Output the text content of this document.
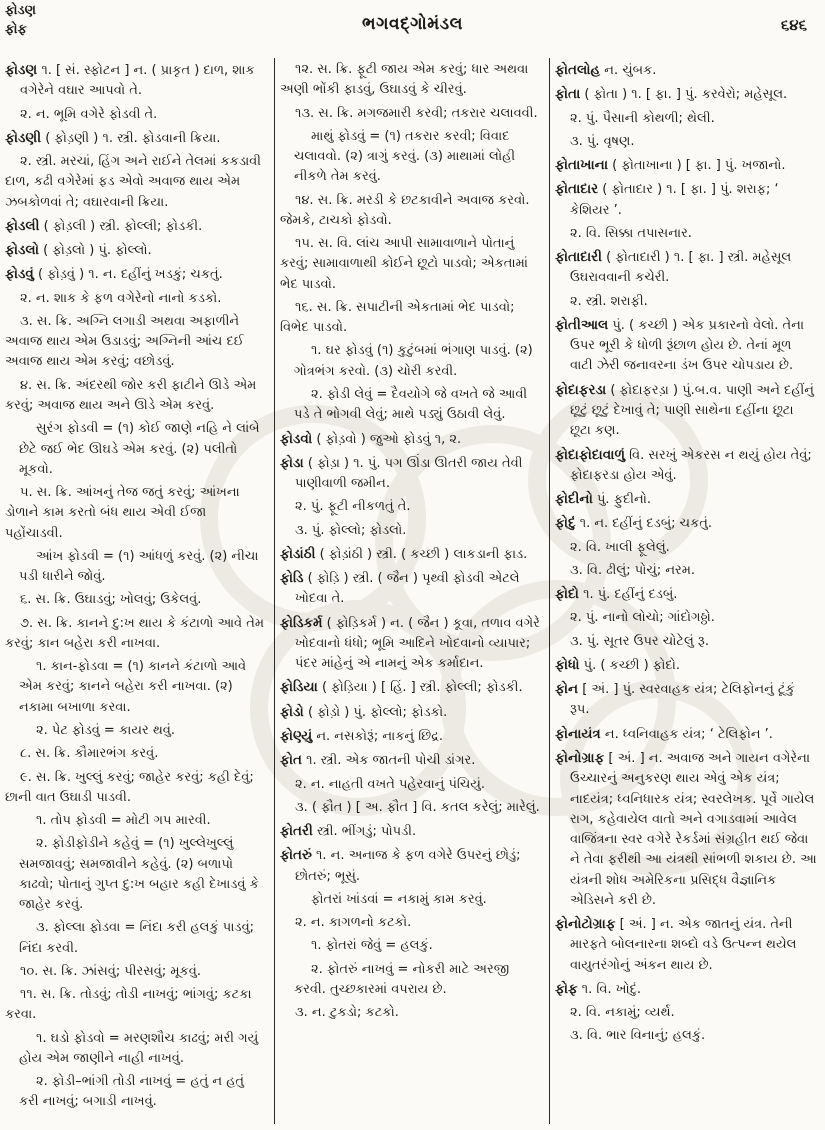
ફોડણ
ફોફ	ભગવદ્ગોમંડલ	૬૪૬

ફોડણ ૧. [ સં. સ્ફોટન ] ન. ( પ્રાકૃત ) દાળ, શાક વગેરેને વઘાર આપવો તે.

૨. ન. ભૂમિ વગેરે ફોડવી તે.

ફોડણી ( ફોડ઼ણી ) ૧. સ્ત્રી. ફોડવાની ક્રિયા.

૨. સ્ત્રી. મરચાં, હિંગ અને રાઈને તેલમાં કકડાવી દાળ, કઢી વગેરેમાં ફડ એવો અવાજ થાય એમ ઝબકોળવાં તે; વઘારવાની ક્રિયા.

ફોડલી ( ફોડ઼લી ) સ્ત્રી. ફોલ્લી; ફોડકી.

ફોડલો ( ફોડ઼લો ) પું. ફોલ્લો.

ફોડવું ( ફોડ઼વું ) ૧. ન. દહીંનું ખડકું; ચકતું.

૨. ન. શાક કે ફળ વગેરેનો નાનો કડકો.

૩. સ. ક્રિ. અગ્નિ લગાડી અથવા અફાળીને અવાજ થાય એમ ઉડાડવું; અગ્નિની આંચ દઈ અવાજ થાય એમ કરવું; વછોડવું.

૪. સ. ક્રિ. અંદરથી જોર કરી ફાટીને ઊડે એમ કરવું; અવાજ થાય અને ઊડે એમ કરવું.

સુરંગ ફોડવી = (૧) કોઈ જાણે નહિ ને લાંબે છેટે જઈ ભેદ ઊઘડે એમ કરવું. (૨) પલીતો મૂકવો.

૫. સ. ક્રિ. આંખનું તેજ જતું કરવું; આંખના ડોળાને કામ કરતો બંધ થાય એવી ઈજા પહોંચાડવી.

આંખ ફોડવી = (૧) આંધળું કરવું. (૨) નીચા પડી ધારીને જોવું.

૬. સ. ક્રિ. ઉઘાડવું; ખોલવું; ઉકેલવું.

૭. સ. ક્રિ. કાનને દુ:ખ થાય કે કંટાળો આવે તેમ કરવું; કાન બહેરા કરી નાખવા.

૧. કાન-ફોડવા = (૧) કાનને કંટાળો આવે એમ કરવું; કાનને બહેરા કરી નાખવા. (૨) નકામા બખાળા કરવા.

૨. પેટ ફોડવું = કાયર થવું.

૮. સ. ક્રિ. કૌમારભંગ કરવું.

૯. સ. ક્રિ. ખુલ્લું કરવું; જાહેર કરવું; કહી દેવું; છાની વાત ઉઘાડી પાડવી.

૧. તોપ ફોડવી = મોટી ગપ મારવી.

૨. ફોડીફોડીને કહેવું = (૧) ખુલ્લેખુલ્લું સમજાવવું; સમજાવીને કહેવું. (૨) બળાપો કાઢવો; પોતાનું ગુપ્ત દુ:ખ બહાર કહી દેખાડવું કે જાહેર કરવું.

૩. ફોલ્લા ફોડવા = નિંદા કરી હલકું પાડવું; નિંદા કરવી.

૧૦. સ. ક્રિ. ઝાંસવું; પીરસવું; મૂકવું.

૧૧. સ. ક્રિ. તોડવું; તોડી નાખવું; ભાંગવું; કટકા કરવા.

૧. ઘડો ફોડવો = મરણશૌચ કાઢવું; મરી ગયું હોય એમ જાણીને નાહી નાખવું.

૨. ફોડી–ભાંગી તોડી નાખવું = હતું ન હતું કરી નાખવું; બગાડી નાખવું.

૧૨. સ. ક્રિ. ફૂટી જાય એમ કરવું; ધાર અથવા અણી ભોંકી ફાડવું, ઉઘાડવું કે ચીરવું.

૧૩. સ. ક્રિ. મગજમારી કરવી; તકરાર ચલાવવી.

માથું ફોડવું = (૧) તકરાર કરવી; વિવાદ ચલાવવો. (૨) ત્રાગું કરવું. (૩) માથામાં લોહી નીકળે તેમ કરવું.

૧૪. સ. ક્રિ. મરડી કે છટકાવીને અવાજ કરવો. જેમકે, ટાચકો ફોડવો.

૧૫. સ. વિ. લાંચ આપી સામાવાળાને પોતાનું કરવું; સામાવાળાથી કોઈને છૂટો પાડવો; એકતામાં ભેદ પાડવો.

૧૬. સ. ક્રિ. સપાટીની એકતામાં ભેદ પાડવો; વિભેદ પાડવો.

૧. ઘર ફોડવું (૧) કુટુંબમાં ભંગાણ પાડવું. (૨) ગોત્રભંગ કરવો. (૩) ચોરી કરવી.

૨. ફોડી લેવું = દૈવયોગે જે વખતે જે આવી પડે તે ભોગવી લેવું; માથે પડ્યું ઉઠાવી લેવું.

ફોડવો ( ફોડ઼વો ) જુઓ ફોડવું ૧, ૨.

ફોડા ( ફોડ઼ા ) ૧. પું. પગ ઊંડા ઊતરી જાય તેવી પાણીવાળી જમીન.

૨. પું. ફૂટી નીકળતું તે.

૩. પું. ફોલ્લો; ફોડલો.

ફોડાંઠી ( ફોડ઼ાંઠી ) સ્ત્રી. ( કચ્છી ) લાકડાની ફાડ.

ફોડિ ( ફોડ઼િ ) સ્ત્રી. ( જૈન ) પૃથ્વી ફોડવી એટલે ખોદવા તે.

ફોડિકર્મ ( ફોડ઼િકર્મ ) ન. ( જૈન ) કૂવા, તળાવ વગેરે ખોદવાનો ધંધો; ભૂમિ આદિને ખોદવાનો વ્યાપાર; પંદર માંહેનું એ નામનું એક કર્માદાન.

ફોડિયા ( ફોડ઼િયા ) [ હિં. ] સ્ત્રી. ફોલ્લી; ફોડકી.

ફોડો ( ફોડ઼ો ) પું. ફોલ્લો; ફોડકો.

ફોણ્યું ન. નસકોરૂં; નાકનું છિદ્ર.

ફોત ૧. સ્ત્રી. એક જાતની પોચી ડાંગર.

૨. ન. નાહતી વખતે પહેરવાનું પંચિયું.

૩. ( ફૌત ) [ અ. ફૌત ] વિ. કતલ કરેલું; મારેલું.

ફોતરી સ્ત્રી. ભીંગડું; પોપડી.

ફોતરું ૧. ન. અનાજ કે ફળ વગેરે ઉપરનું છોડું; છોતરું; ભૂસું.

ફોતરાં ખાંડવાં = નકામું કામ કરવું.

૨. ન. કાગળનો કટકો.

૧. ફોતરાં જેવું = હલકું.

૨. ફોતરું નાખવું = નોકરી માટે અરજી કરવી. તુચ્છકારમાં વપરાય છે.

૩. ન. ટુકડો; કટકો.

ફોતલોહ ન. ચુંબક.

ફોતા ( ફોતા ) ૧. [ ફા. ] પું. કરવેરો; મહેસૂલ.

૨. પું. પૈસાની કોથળી; થેલી.

૩. પું. વૃષણ.

ફોતાખાના ( ફોતાખાના ) [ ફા. ] પું. ખજાનો.

ફોતાદાર ( ફોતાદાર ) ૧. [ ફા. ] પું. શરાફ; ‘ કેશિયર ’.

૨. વિ. સિક્કા તપાસનાર.

ફોતાદારી ( ફોતાદારી ) ૧. [ ફા. ] સ્ત્રી. મહેસૂલ ઉઘરાવવાની કચેરી.

૨. સ્ત્રી. શરાફી.

ફોતીઆલ પું. ( કચ્છી ) એક પ્રકારનો વેલો. તેના ઉપર ભૂરી કે ધોળી રૂંછાળ હોય છે. તેનાં મૂળ વાટી ઝેરી જનાવરના ડંખ ઉપર ચોપડાય છે.

ફોદાફરડા ( ફોદાફરડ઼ા ) પું.બ.વ. પાણી અને દહીંનું છૂટું છૂટું દેખાવું તે; પાણી સાથેના દહીંના છૂટા છૂટા કણ.

ફોદાફોદાવાળું વિ. સરખું એકરસ ન થયું હોય તેવું; ફોદાફરડા હોય એવું.

ફોદીનો પું. ફુદીનો.

ફોદું ૧. ન. દહીંનું દડબું; ચકતું.

૨. વિ. ખાલી ફૂલેલું.

૩. વિ. ઢીલું; પોચું; નરમ.

ફોદો ૧. પું. દહીંનું દડબું.

૨. પું. નાનો લોચો; ગાંદોગઠ્ઠો.

૩. પું. સૂતર ઉપર ચોટેલું રૂ.

ફોધો પું. ( કચ્છી ) ફોદો.

ફોન [ અં. ] પું. સ્વરવાહક યંત્ર; ટેલિફોનનું ટૂંકું રૂપ.

ફોનાયંત્ર ન. ધ્વનિવાહક યંત્ર; ‘ ટેલિફોન ’.

ફોનોગ્રાફ [ અં. ] ન. અવાજ અને ગાયન વગેરેના ઉચ્ચારનું અનુકરણ થાય એવું એક યંત્ર; નાદયંત્ર; ધ્વનિધારક યંત્ર; સ્વરલેખક. પૂર્વે ગાયેલ રાગ, કહેવાયેલ વાતો અને વગાડવામાં આવેલ વાજિંત્રના સ્વર વગેરે રેકર્ડમાં સંગ્રહીત થઈ જેવા ને તેવા ફરીથી આ યંત્રથી સાંભળી શકાય છે. આ યંત્રની શોધ અમેરિકના પ્રસિદ્ધ વૈજ્ઞાનિક એડિસને કરી છે.

ફોનોટોગ્રાફ [ અં. ] ન. એક જાતનું યંત્ર. તેની મારફતે બોલનારના શબ્દો વડે ઉત્પન્ન થયેલ વાયુતરંગોનું અંકન થાય છે.

ફોફ ૧. વિ. ખોદું.

૨. વિ. નકામું; વ્યર્થ.

૩. વિ. ભાર વિનાનું; હલકું.
